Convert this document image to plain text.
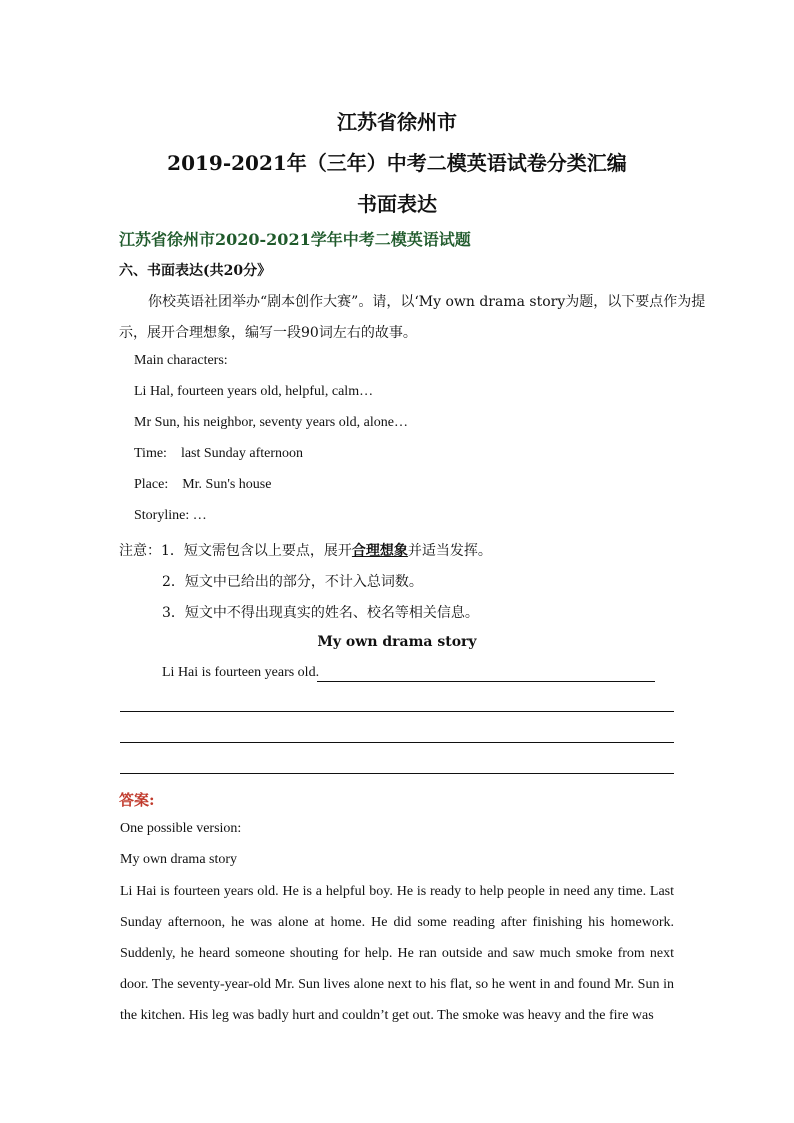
江苏省徐州市
2019-2021年（三年）中考二模英语试卷分类汇编
书面表达
江苏省徐州市2020-2021学年中考二模英语试题
六、书面表达(共20分》
你校英语社团举办“剧本创作大赛”。请，以‘My own drama story为题，以下要点作为提
示，展开合理想象，编写一段90词左右的故事。
Main characters:
Li Hal, fourteen years old, helpful, calm…
Mr Sun, his neighbor, seventy years old, alone…
Time:    last Sunday afternoon
Place:    Mr. Sun's house
Storyline: …
注意：1．短文需包含以上要点，展开合理想象并适当发挥。
2．短文中已给出的部分，不计入总词数。
3．短文中不得出现真实的姓名、校名等相关信息。
My own drama story
Li Hai is fourteen years old.
答案:
One possible version:
My own drama story
Li Hai is fourteen years old. He is a helpful boy. He is ready to help people in need any time. Last Sunday afternoon, he was alone at home. He did some reading after finishing his homework. Suddenly, he heard someone shouting for help. He ran outside and saw much smoke from next door. The seventy-year-old Mr. Sun lives alone next to his flat, so he went in and found Mr. Sun in the kitchen. His leg was badly hurt and couldn’t get out. The smoke was heavy and the fire was
